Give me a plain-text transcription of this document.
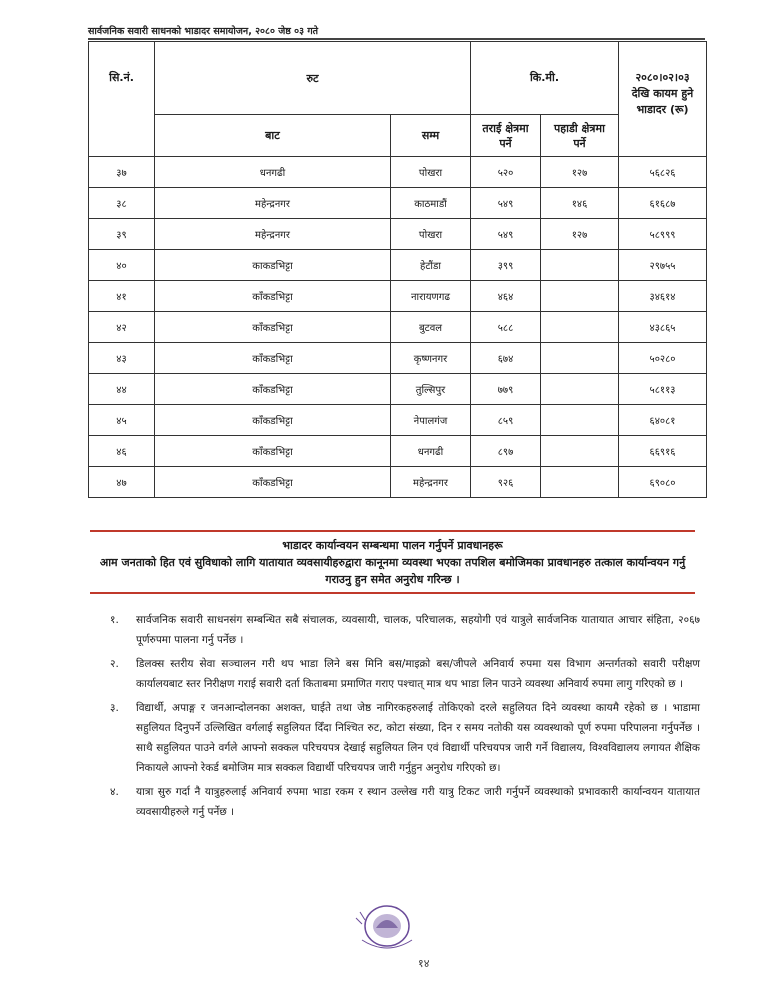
सार्वजनिक सवारी साधनको भाडादर समायोजन, २०८० जेष्ठ ०३ गते
सि.नं.	रुट		कि.मी.		२०८०।०२।०३
देखि कायम हुने
भाडादर (रू)

	बाट	सम्म	तराई क्षेत्रमा पर्ने	पहाडी क्षेत्रमा पर्ने	
३७	धनगढी	पोखरा	५२०	१२७	५६८२६
३८	महेन्द्रनगर	काठमाडौं	५४९	१४६	६१६८७
३९	महेन्द्रनगर	पोखरा	५४९	१२७	५८९९९
४०	काकडभिट्टा	हेटौंडा	३९९		२९७५५
४१	काँकडभिट्टा	नारायणगढ	४६४		३४६१४
४२	काँकडभिट्टा	बुटवल	५८८		४३८६५
४३	काँकडभिट्टा	कृष्णनगर	६७४		५०२८०
४४	काँकडभिट्टा	तुल्सिपुर	७७९		५८११३
४५	काँकडभिट्टा	नेपालगंज	८५९		६४०८१
४६	काँकडभिट्टा	धनगढी	८९७		६६९१६
४७	काँकडभिट्टा	महेन्द्रनगर	९२६		६९०८०
भाडादर कार्यान्वयन सम्बन्धमा पालन गर्नुपर्ने प्रावधानहरू
आम जनताको हित एवं सुविधाको लागि यातायात व्यवसायीहरुद्वारा कानूनमा व्यवस्था भएका तपशिल बमोजिमका प्रावधानहरु तत्काल कार्यान्वयन गर्नु गराउनु हुन समेत अनुरोध गरिन्छ ।
१.	सार्वजनिक सवारी साधनसंग सम्बन्धित सबै संचालक, व्यवसायी, चालक, परिचालक, सहयोगी एवं यात्रुले सार्वजनिक यातायात आचार संहिता, २०६७ पूर्णरुपमा पालना गर्नु पर्नेछ ।
२.	डिलक्स स्तरीय सेवा सञ्चालन गरी थप भाडा लिने बस मिनि बस/माइक्रो बस/जीपले अनिवार्य रुपमा यस विभाग अन्तर्गतको सवारी परीक्षण कार्यालयबाट स्तर निरीक्षण गराई सवारी दर्ता किताबमा प्रमाणित गराए पश्चात् मात्र थप भाडा लिन पाउने व्यवस्था अनिवार्य रुपमा लागु गरिएको छ ।
३.	विद्यार्थी, अपाङ्ग र जनआन्दोलनका अशक्त, घाईते तथा जेष्ठ नागिरकहरुलाई तोकिएको दरले सहुलियत दिने व्यवस्था कायमै रहेको छ । भाडामा सहुलियत दिनुपर्ने उल्लिखित वर्गलाई सहुलियत दिँदा निश्चित रुट, कोटा संख्या, दिन र समय नतोकी यस व्यवस्थाको पूर्ण रुपमा परिपालना गर्नुपर्नेछ । साथै सहुलियत पाउने वर्गले आफ्नो सक्कल परिचयपत्र देखाई सहुलियत लिन एवं विद्यार्थी परिचयपत्र जारी गर्ने विद्यालय, विश्वविद्यालय लगायत शैक्षिक निकायले आफ्नो रेकर्ड बमोजिम मात्र सक्कल विद्यार्थी परिचयपत्र जारी गर्नुहुन अनुरोध गरिएको छ।
४.	यात्रा सुरु गर्दा नै यात्रुहरुलाई अनिवार्य रुपमा भाडा रकम र स्थान उल्लेख गरी यात्रु टिकट जारी गर्नुपर्ने व्यवस्थाको प्रभावकारी कार्यान्वयन यातायात व्यवसायीहरुले गर्नु पर्नेछ ।
१४
